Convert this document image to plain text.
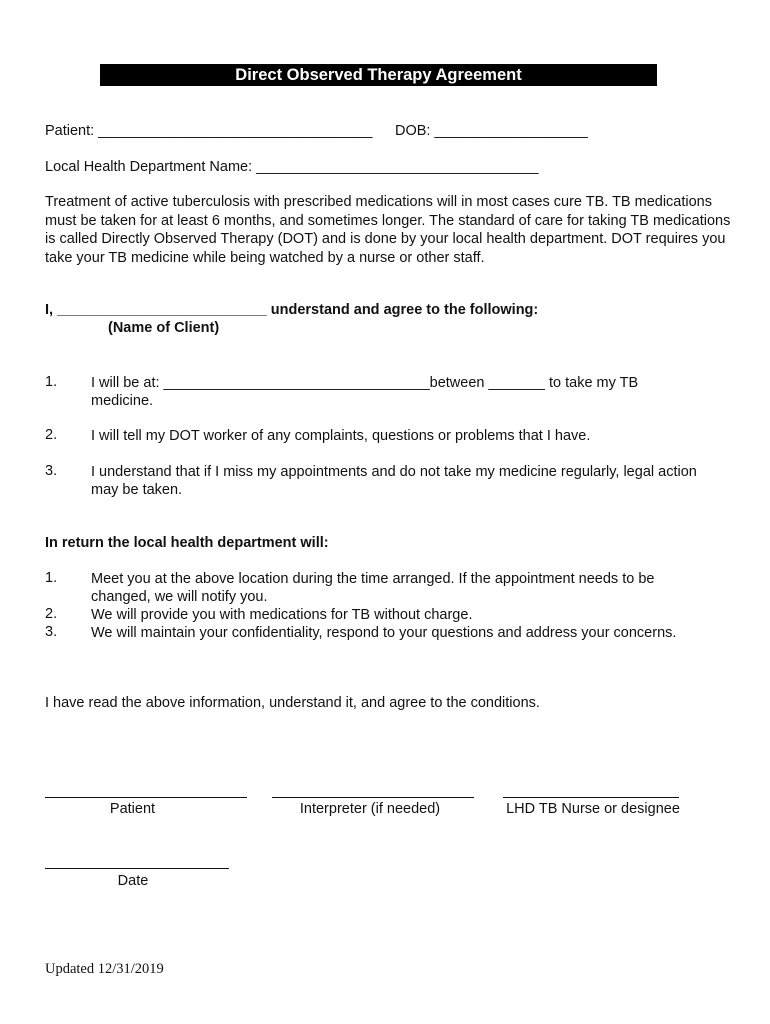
Direct Observed Therapy Agreement
Patient: __________________________________ DOB: ___________________
Local Health Department Name: ___________________________________
Treatment of active tuberculosis with prescribed medications will in most cases cure TB. TB medications must be taken for at least 6 months, and sometimes longer. The standard of care for taking TB medications is called Directly Observed Therapy (DOT) and is done by your local health department. DOT requires you take your TB medicine while being watched by a nurse or other staff.
I, __________________________ understand and agree to the following:
(Name of Client)
1. I will be at: _________________________________between _______ to take my TB medicine.
2. I will tell my DOT worker of any complaints, questions or problems that I have.
3. I understand that if I miss my appointments and do not take my medicine regularly, legal action may be taken.
In return the local health department will:
1. Meet you at the above location during the time arranged. If the appointment needs to be changed, we will notify you.
2. We will provide you with medications for TB without charge.
3. We will maintain your confidentiality, respond to your questions and address your concerns.
I have read the above information, understand it, and agree to the conditions.
Patient	Interpreter (if needed)	LHD TB Nurse or designee
Date
Updated 12/31/2019
